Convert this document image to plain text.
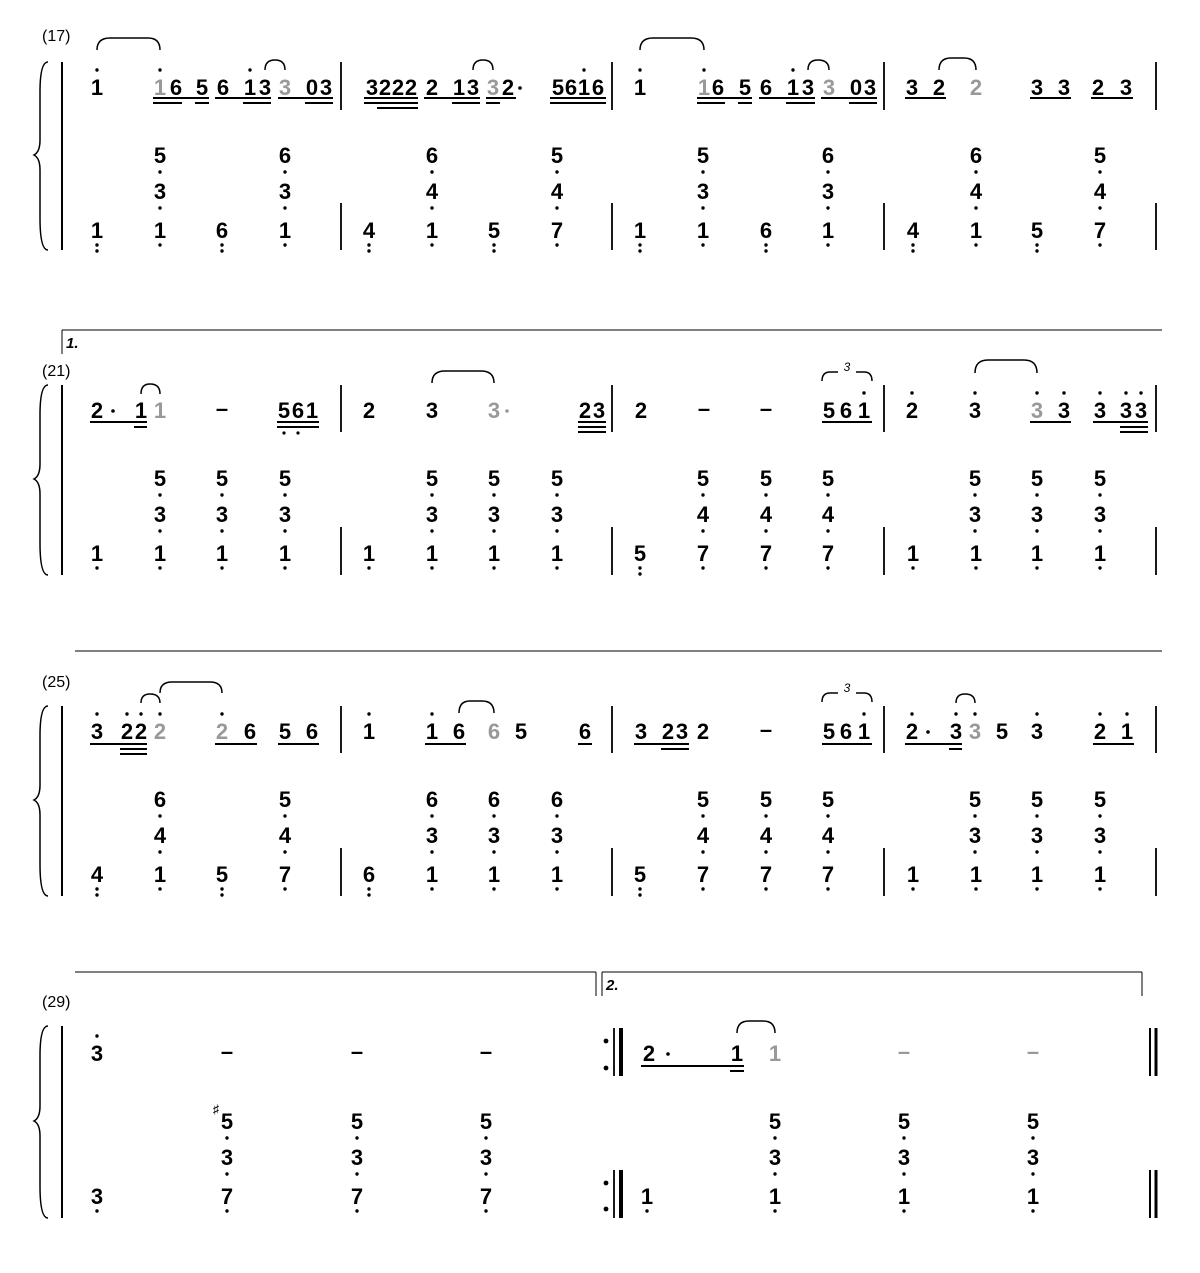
(17)
1 1 6 5 6 1 3 3 0 3 3 2 2 2 2 1 3 3 2 5 6 1 6 1 1 6 5 6 1 3 3 0 3 3 2 2 3 3 2 3
5	6	6	5	5	6	6	5
3	3	4	4	3	3	4	4
1 1 6 1	4 1 5 7	1 1 6 1	4 1 5 7
(21)
1.
2 1 1	5 6 1 2 3 3	2 3 2	5 6 1 2 3 3 3 3 3 3
–	– –
3
5 5 5	5 5 5	5 5 5	5 5 5
3 3 3	3 3 3	4 4 4	3 3 3
1 1 1 1	1 1 1 1	5 7 7 7	1 1 1 1
(25)
3 2 2 2 2 6 5 6 1 1 6 6 5 6 3 2 3 2	5 6 1 2 3 3 5 3 2 1
–
3
6	5	6 6 6	5 5 5	5 5 5
4	4	3 3 3	4 4 4	3 3 3
4 1 5 7	6 1 1 1	5 7 7 7	1 1 1 1
2.
(29)
3	2	1 1
–	–	–	–	–
5
♯	5	5	5	5	5
3	3	3	3	3	3
3	7	7	7	1	1	1	1
